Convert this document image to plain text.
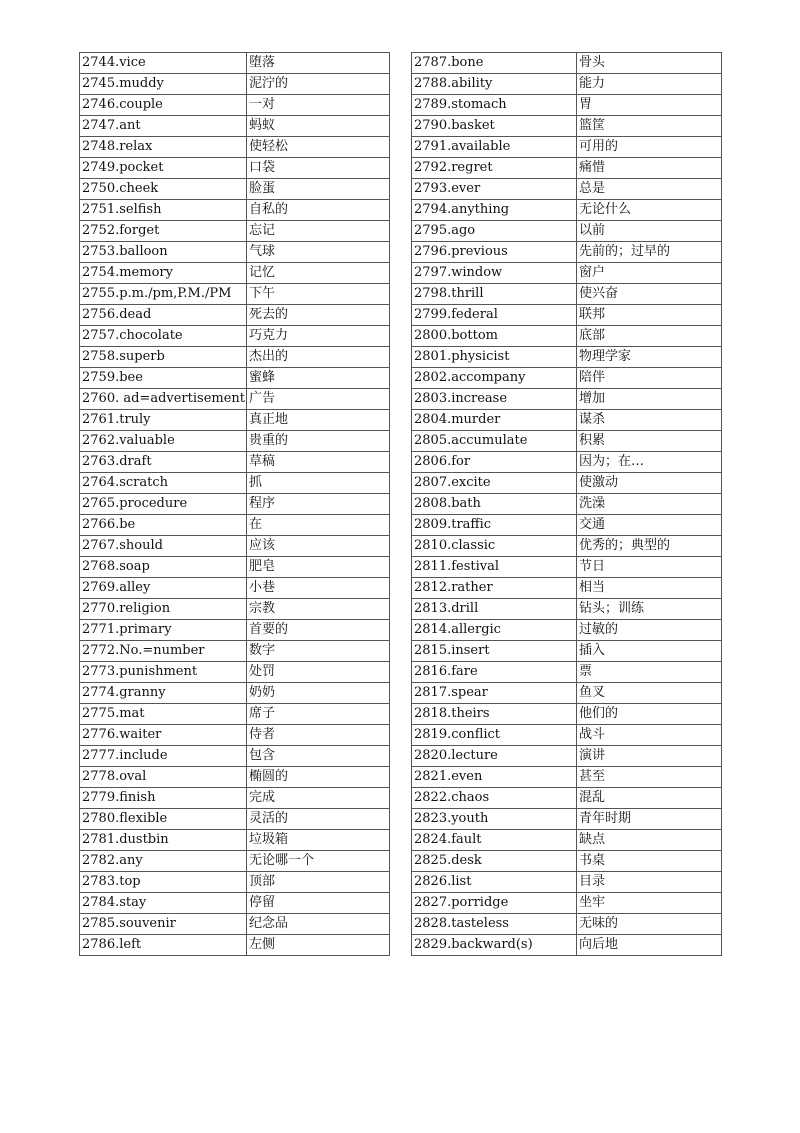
2744.vice	堕落
2745.muddy	泥泞的
2746.couple	一对
2747.ant	蚂蚁
2748.relax	使轻松
2749.pocket	口袋
2750.cheek	脸蛋
2751.selfish	自私的
2752.forget	忘记
2753.balloon	气球
2754.memory	记忆
2755.p.m./pm,P.M./PM	下午
2756.dead	死去的
2757.chocolate	巧克力
2758.superb	杰出的
2759.bee	蜜蜂
2760. ad=advertisement	广告
2761.truly	真正地
2762.valuable	贵重的
2763.draft	草稿
2764.scratch	抓
2765.procedure	程序
2766.be	在
2767.should	应该
2768.soap	肥皂
2769.alley	小巷
2770.religion	宗教
2771.primary	首要的
2772.No.=number	数字
2773.punishment	处罚
2774.granny	奶奶
2775.mat	席子
2776.waiter	侍者
2777.include	包含
2778.oval	椭圆的
2779.finish	完成
2780.flexible	灵活的
2781.dustbin	垃圾箱
2782.any	无论哪一个
2783.top	顶部
2784.stay	停留
2785.souvenir	纪念品
2786.left	左侧
2787.bone	骨头
2788.ability	能力
2789.stomach	胃
2790.basket	篮筐
2791.available	可用的
2792.regret	痛惜
2793.ever	总是
2794.anything	无论什么
2795.ago	以前
2796.previous	先前的；过早的
2797.window	窗户
2798.thrill	使兴奋
2799.federal	联邦
2800.bottom	底部
2801.physicist	物理学家
2802.accompany	陪伴
2803.increase	增加
2804.murder	谋杀
2805.accumulate	积累
2806.for	因为；在…
2807.excite	使激动
2808.bath	洗澡
2809.traffic	交通
2810.classic	优秀的；典型的
2811.festival	节日
2812.rather	相当
2813.drill	钻头；训练
2814.allergic	过敏的
2815.insert	插入
2816.fare	票
2817.spear	鱼叉
2818.theirs	他们的
2819.conflict	战斗
2820.lecture	演讲
2821.even	甚至
2822.chaos	混乱
2823.youth	青年时期
2824.fault	缺点
2825.desk	书桌
2826.list	目录
2827.porridge	坐牢
2828.tasteless	无味的
2829.backward(s)	向后地
